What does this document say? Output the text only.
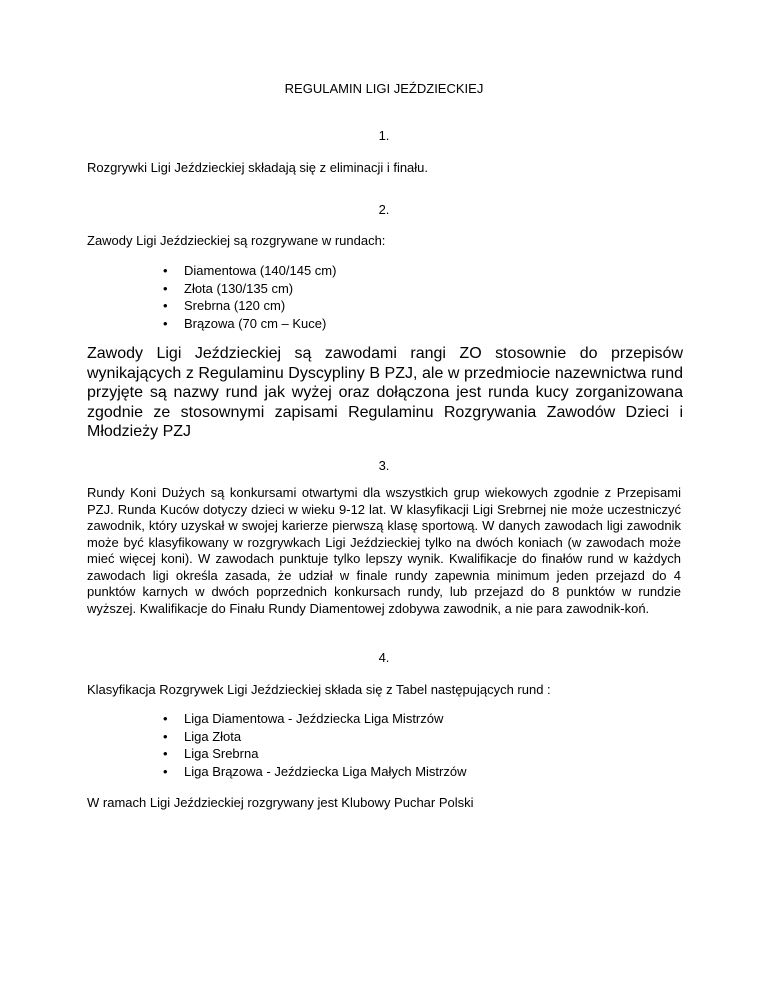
REGULAMIN LIGI JEŹDZIECKIEJ
1.
Rozgrywki Ligi Jeździeckiej składają się z eliminacji i finału.
2.
Zawody Ligi Jeździeckiej są rozgrywane w rundach:
• Diamentowa (140/145 cm)
• Złota (130/135 cm)
• Srebrna (120 cm)
• Brązowa (70 cm – Kuce)
Zawody Ligi Jeździeckiej są zawodami rangi ZO stosownie do przepisów wynikających z Regulaminu Dyscypliny B PZJ, ale w przedmiocie nazewnictwa rund przyjęte są nazwy rund jak wyżej oraz dołączona jest runda kucy zorganizowana zgodnie ze stosownymi zapisami Regulaminu Rozgrywania Zawodów Dzieci i Młodzieży PZJ
3.
Rundy Koni Dużych są konkursami otwartymi dla wszystkich grup wiekowych zgodnie z Przepisami PZJ. Runda Kuców dotyczy dzieci w wieku 9-12 lat. W klasyfikacji Ligi Srebrnej nie może uczestniczyć zawodnik, który uzyskał w swojej karierze pierwszą klasę sportową. W danych zawodach ligi zawodnik może być klasyfikowany w rozgrywkach Ligi Jeździeckiej tylko na dwóch koniach (w zawodach może mieć więcej koni). W zawodach punktuje tylko lepszy wynik. Kwalifikacje do finałów rund w każdych zawodach ligi określa zasada, że udział w finale rundy zapewnia minimum jeden przejazd do 4 punktów karnych w dwóch poprzednich konkursach rundy, lub przejazd do 8 punktów w rundzie wyższej. Kwalifikacje do Finału Rundy Diamentowej zdobywa zawodnik, a nie para zawodnik-koń.
4.
Klasyfikacja Rozgrywek Ligi Jeździeckiej składa się z Tabel następujących rund :
• Liga Diamentowa - Jeździecka Liga Mistrzów
• Liga Złota
• Liga Srebrna
• Liga Brązowa - Jeździecka Liga Małych Mistrzów
W ramach Ligi Jeździeckiej rozgrywany jest Klubowy Puchar Polski
